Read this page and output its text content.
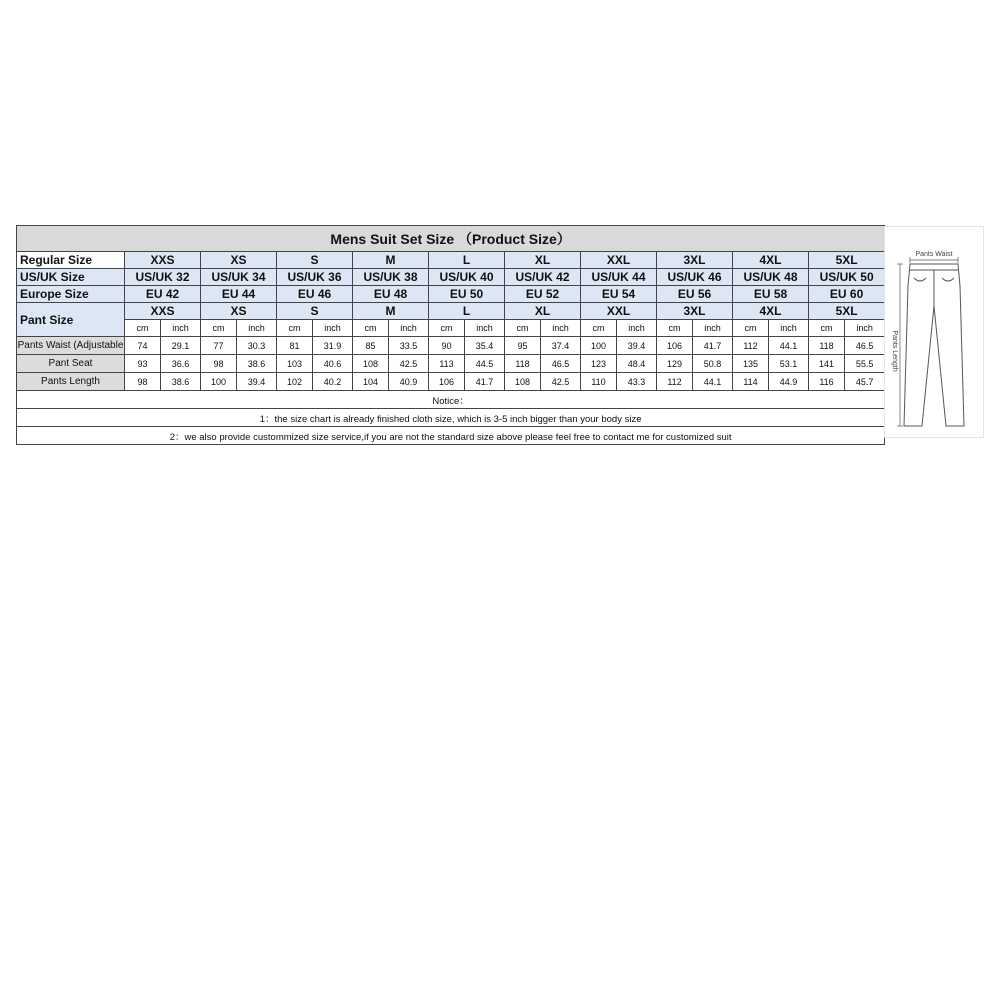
Mens Suit Set Size （Product Size）																				
Regular Size	XXS		XS		S		M		L		XL		XXL		3XL		4XL		5XL	
US/UK Size	US/UK 32		US/UK 34		US/UK 36		US/UK 38		US/UK 40		US/UK 42		US/UK 44		US/UK 46		US/UK 48		US/UK 50	
Europe Size	EU 42		EU 44		EU 46		EU 48		EU 50		EU 52		EU 54		EU 56		EU 58		EU 60	
Pant Size	XXS		XS		S		M		L		XL		XXL		3XL		4XL		5XL	
	cm	inch	cm	inch	cm	inch	cm	inch	cm	inch	cm	inch	cm	inch	cm	inch	cm	inch	cm	inch
Pants Waist (Adjustable	74	29.1	77	30.3	81	31.9	85	33.5	90	35.4	95	37.4	100	39.4	106	41.7	112	44.1	118	46.5
Pant Seat	93	36.6	98	38.6	103	40.6	108	42.5	113	44.5	118	46.5	123	48.4	129	50.8	135	53.1	141	55.5
Pants Length	98	38.6	100	39.4	102	40.2	104	40.9	106	41.7	108	42.5	110	43.3	112	44.1	114	44.9	116	45.7
Notice：																				
1：the size chart is already finished cloth size, which is 3-5 inch bigger than your body size																				
2：we also provide custommized size service,if you are not the standard size above please feel free to contact me for customized suit																				
Pants Waist
Pants Length
